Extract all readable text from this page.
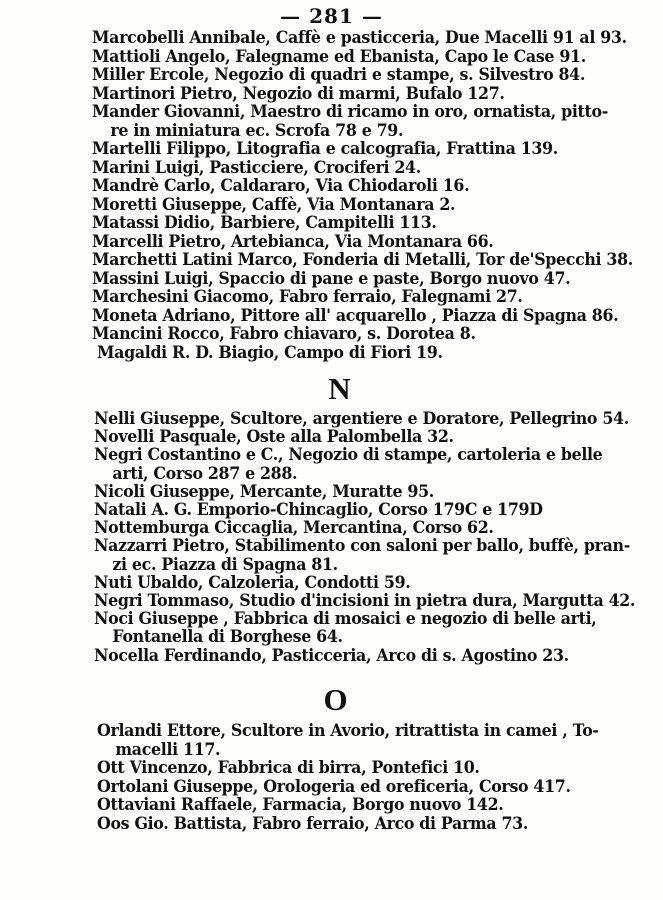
— 281 —
Marcobelli Annibale, Caffè e pasticceria, Due Macelli 91 al 93.
Mattioli Angelo, Falegname ed Ebanista, Capo le Case 91.
Miller Ercole, Negozio di quadri e stampe, s. Silvestro 84.
Martinori Pietro, Negozio di marmi, Bufalo 127.
Mander Giovanni, Maestro di ricamo in oro, ornatista, pitto-
re in miniatura ec. Scrofa 78 e 79.
Martelli Filippo, Litografia e calcografia, Frattina 139.
Marini Luigi, Pasticciere, Crociferi 24.
Mandrè Carlo, Caldararo, Via Chiodaroli 16.
Moretti Giuseppe, Caffè, Via Montanara 2.
Matassi Didio, Barbiere, Campitelli 113.
Marcelli Pietro, Artebianca, Via Montanara 66.
Marchetti Latini Marco, Fonderia di Metalli, Tor de'Specchi 38.
Massini Luigi, Spaccio di pane e paste, Borgo nuovo 47.
Marchesini Giacomo, Fabro ferraio, Falegnami 27.
Moneta Adriano, Pittore all' acquarello , Piazza di Spagna 86.
Mancini Rocco, Fabro chiavaro, s. Dorotea 8.
Magaldi R. D. Biagio, Campo di Fiori 19.
N
Nelli Giuseppe, Scultore, argentiere e Doratore, Pellegrino 54.
Novelli Pasquale, Oste alla Palombella 32.
Negri Costantino e C., Negozio di stampe, cartoleria e belle
arti, Corso 287 e 288.
Nicoli Giuseppe, Mercante, Muratte 95.
Natali A. G. Emporio-Chincaglio, Corso 179C e 179D
Nottemburga Ciccaglia, Mercantina, Corso 62.
Nazzarri Pietro, Stabilimento con saloni per ballo, buffè, pran-
zi ec. Piazza di Spagna 81.
Nuti Ubaldo, Calzoleria, Condotti 59.
Negri Tommaso, Studio d'incisioni in pietra dura, Margutta 42.
Noci Giuseppe , Fabbrica di mosaici e negozio di belle arti,
Fontanella di Borghese 64.
Nocella Ferdinando, Pasticceria, Arco di s. Agostino 23.
O
Orlandi Ettore, Scultore in Avorio, ritrattista in camei , To-
macelli 117.
Ott Vincenzo, Fabbrica di birra, Pontefici 10.
Ortolani Giuseppe, Orologeria ed oreficeria, Corso 417.
Ottaviani Raffaele, Farmacia, Borgo nuovo 142.
Oos Gio. Battista, Fabro ferraio, Arco di Parma 73.
